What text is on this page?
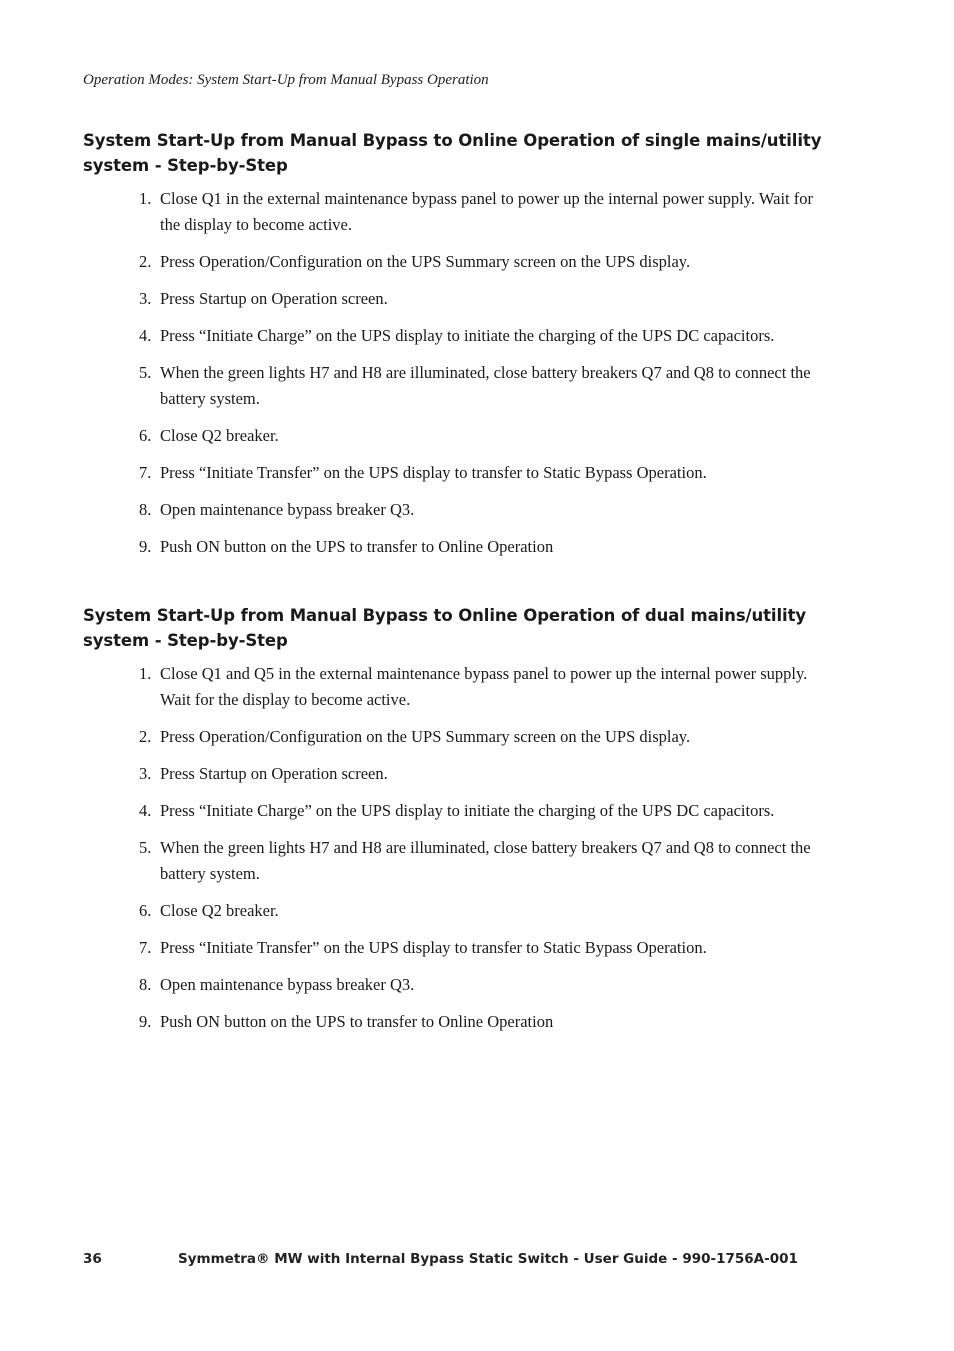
Operation Modes: System Start-Up from Manual Bypass Operation
System Start-Up from Manual Bypass to Online Operation of single mains/utility system - Step-by-Step
1. Close Q1 in the external maintenance bypass panel to power up the internal power supply. Wait for the display to become active.
2. Press Operation/Configuration on the UPS Summary screen on the UPS display.
3. Press Startup on Operation screen.
4. Press “Initiate Charge” on the UPS display to initiate the charging of the UPS DC capacitors.
5. When the green lights H7 and H8 are illuminated, close battery breakers Q7 and Q8 to connect the battery system.
6. Close Q2 breaker.
7. Press “Initiate Transfer” on the UPS display to transfer to Static Bypass Operation.
8. Open maintenance bypass breaker Q3.
9. Push ON button on the UPS to transfer to Online Operation
System Start-Up from Manual Bypass to Online Operation of dual mains/utility system - Step-by-Step
1. Close Q1 and Q5 in the external maintenance bypass panel to power up the internal power supply. Wait for the display to become active.
2. Press Operation/Configuration on the UPS Summary screen on the UPS display.
3. Press Startup on Operation screen.
4. Press “Initiate Charge” on the UPS display to initiate the charging of the UPS DC capacitors.
5. When the green lights H7 and H8 are illuminated, close battery breakers Q7 and Q8 to connect the battery system.
6. Close Q2 breaker.
7. Press “Initiate Transfer” on the UPS display to transfer to Static Bypass Operation.
8. Open maintenance bypass breaker Q3.
9. Push ON button on the UPS to transfer to Online Operation
36	Symmetra® MW with Internal Bypass Static Switch - User Guide - 990-1756A-001
